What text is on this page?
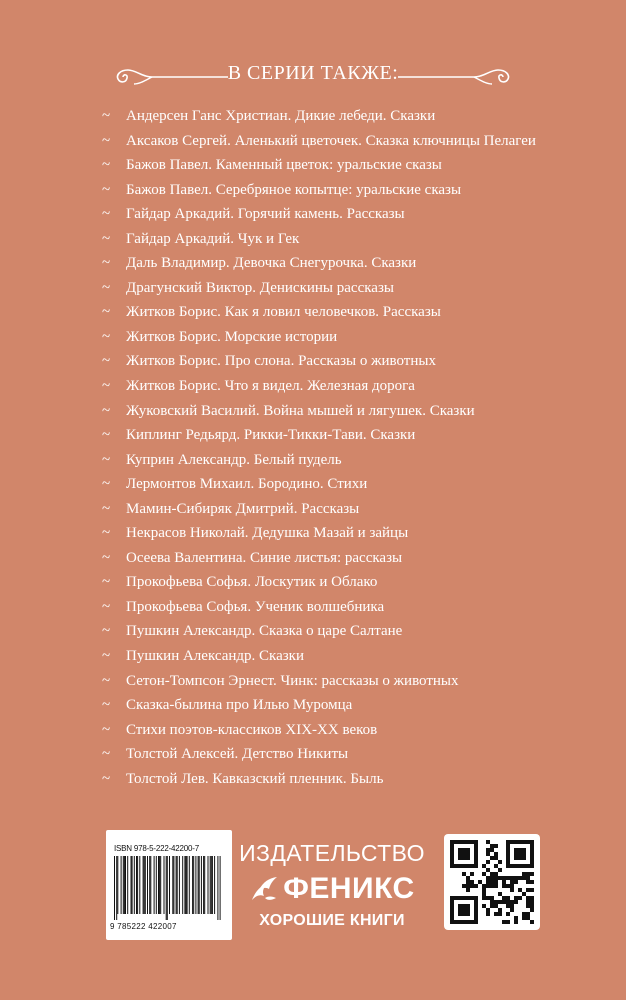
В СЕРИИ ТАКЖЕ:
~ Андерсен Ганс Христиан. Дикие лебеди. Сказки
~ Аксаков Сергей. Аленький цветочек. Сказка ключницы Пелагеи
~ Бажов Павел. Каменный цветок: уральские сказы
~ Бажов Павел. Серебряное копытце: уральские сказы
~ Гайдар Аркадий. Горячий камень. Рассказы
~ Гайдар Аркадий. Чук и Гек
~ Даль Владимир. Девочка Снегурочка. Сказки
~ Драгунский Виктор. Денискины рассказы
~ Житков Борис. Как я ловил человечков. Рассказы
~ Житков Борис. Морские истории
~ Житков Борис. Про слона. Рассказы о животных
~ Житков Борис. Что я видел. Железная дорога
~ Жуковский Василий. Война мышей и лягушек. Сказки
~ Киплинг Редьярд. Рикки-Тикки-Тави. Сказки
~ Куприн Александр. Белый пудель
~ Лермонтов Михаил. Бородино. Стихи
~ Мамин-Сибиряк Дмитрий. Рассказы
~ Некрасов Николай. Дедушка Мазай и зайцы
~ Осеева Валентина. Синие листья: рассказы
~ Прокофьева Софья. Лоскутик и Облако
~ Прокофьева Софья. Ученик волшебника
~ Пушкин Александр. Сказка о царе Салтане
~ Пушкин Александр. Сказки
~ Сетон-Томпсон Эрнест. Чинк: рассказы о животных
~ Сказка-былина про Илью Муромца
~ Стихи поэтов-классиков XIX-XX веков
~ Толстой Алексей. Детство Никиты
~ Толстой Лев. Кавказский пленник. Быль
ISBN 978-5-222-42200-7
9 785222 422007
ИЗДАТЕЛЬСТВО
ФЕНИКС
ХОРОШИЕ КНИГИ
